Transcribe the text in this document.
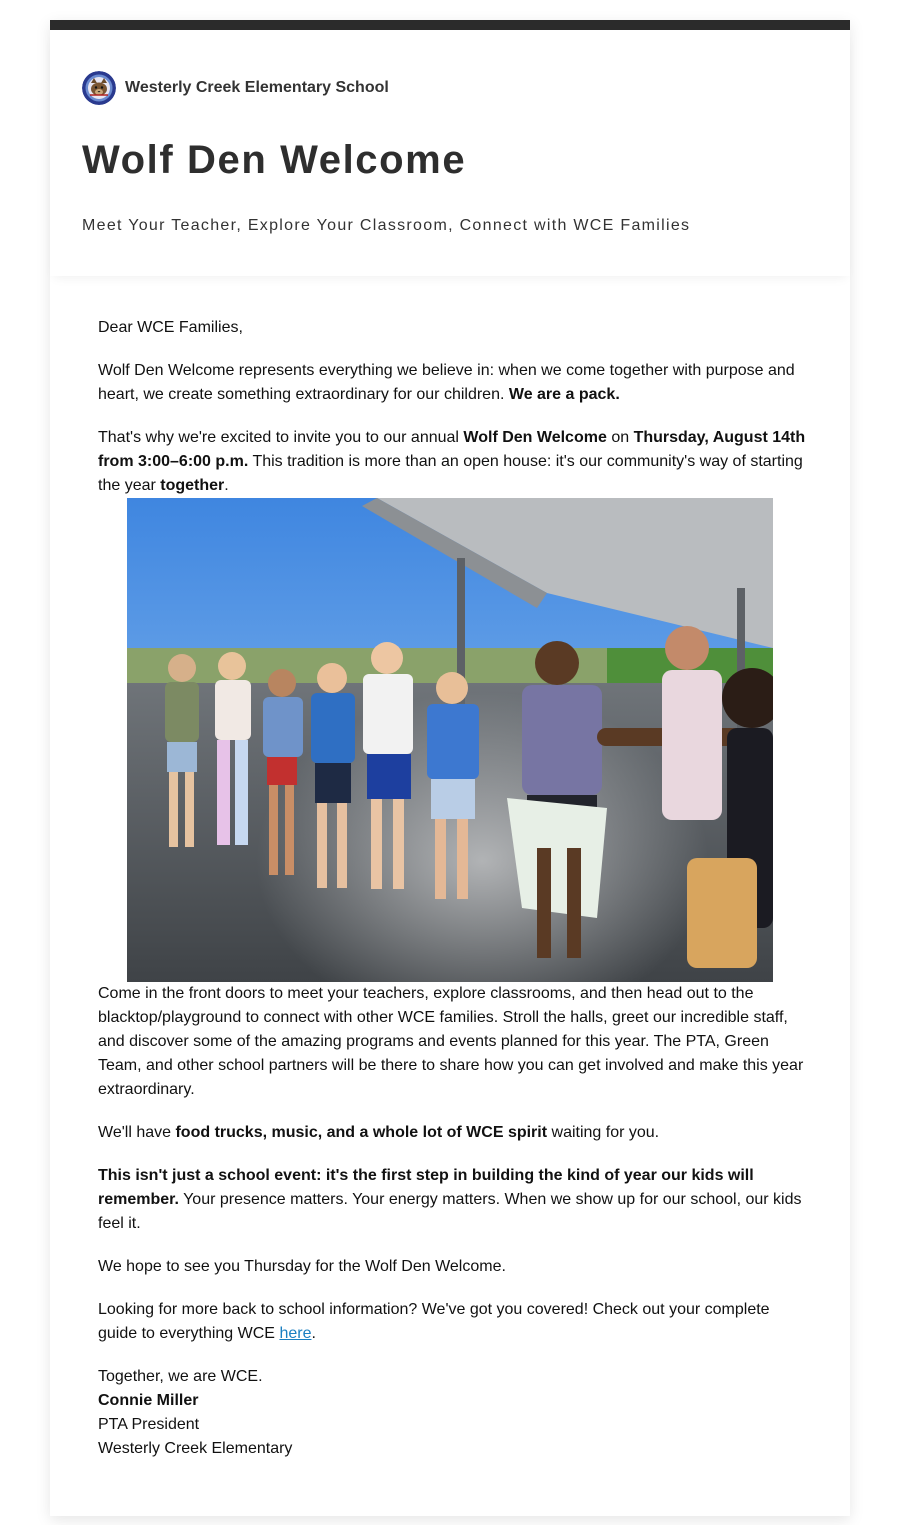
Westerly Creek Elementary School
Wolf Den Welcome

Meet Your Teacher, Explore Your Classroom, Connect with WCE Families

Dear WCE Families,

Wolf Den Welcome represents everything we believe in: when we come together with purpose and heart, we create something extraordinary for our children. We are a pack.

That's why we're excited to invite you to our annual Wolf Den Welcome on Thursday, August 14th from 3:00–6:00 p.m. This tradition is more than an open house: it's our community's way of starting the year together.

Come in the front doors to meet your teachers, explore classrooms, and then head out to the blacktop/playground to connect with other WCE families. Stroll the halls, greet our incredible staff, and discover some of the amazing programs and events planned for this year. The PTA, Green Team, and other school partners will be there to share how you can get involved and make this year extraordinary.

We'll have food trucks, music, and a whole lot of WCE spirit waiting for you.

This isn't just a school event: it's the first step in building the kind of year our kids will remember. Your presence matters. Your energy matters. When we show up for our school, our kids feel it.

We hope to see you Thursday for the Wolf Den Welcome.

Looking for more back to school information? We've got you covered! Check out your complete guide to everything WCE here.

Together, we are WCE.

Connie Miller

PTA President

Westerly Creek Elementary
